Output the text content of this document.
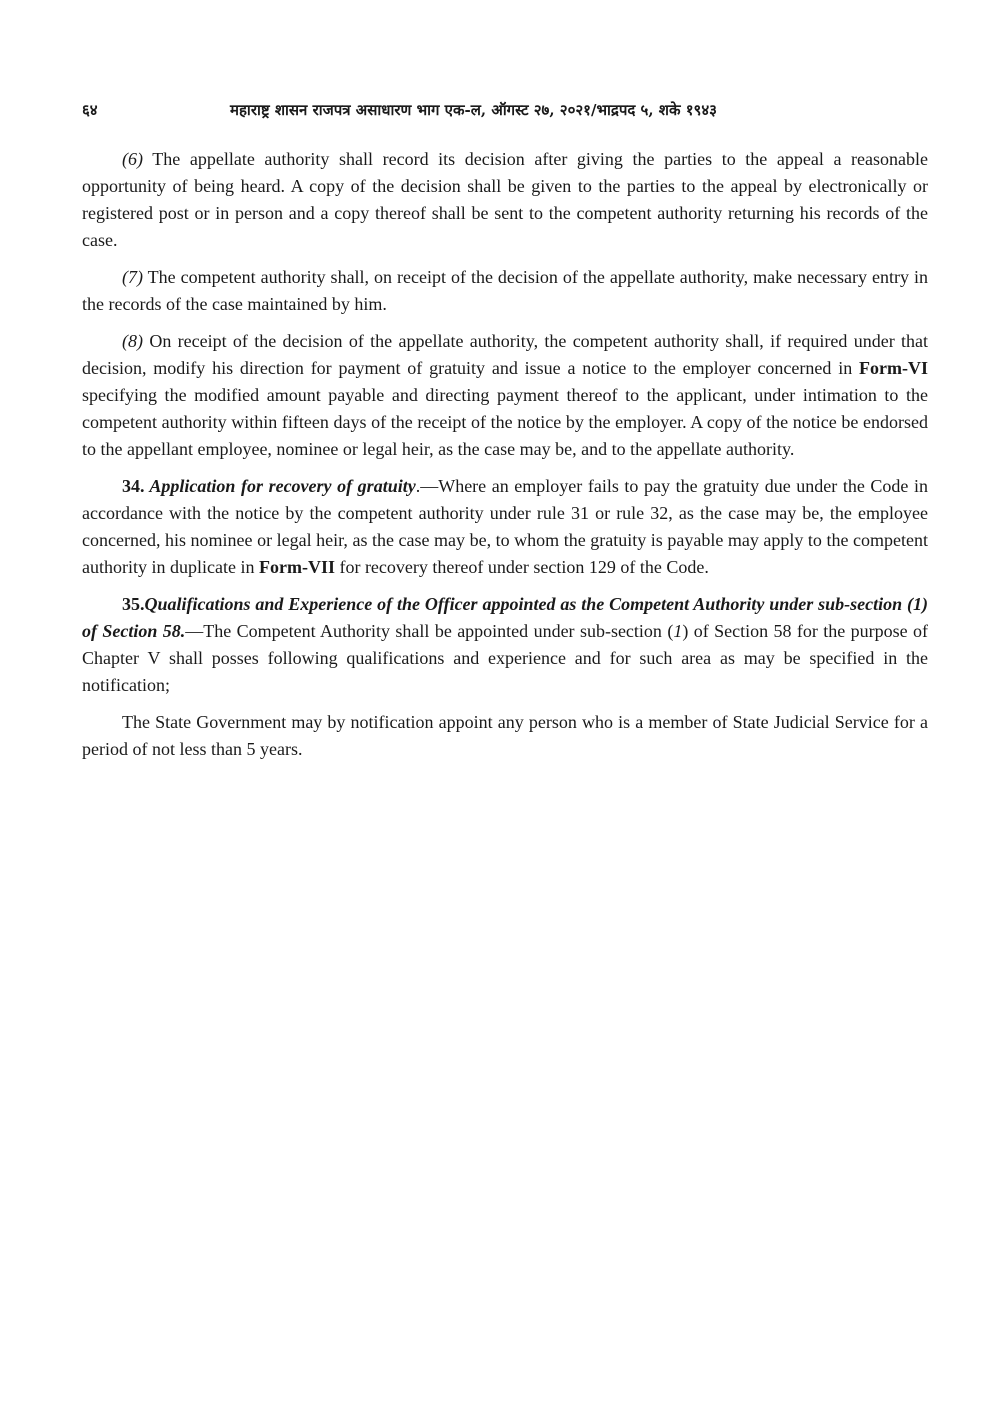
६४	महाराष्ट्र शासन राजपत्र असाधारण भाग एक-ल, ऑगस्ट २७, २०२१/भाद्रपद ५, शके १९४३

(6) The appellate authority shall record its decision after giving the parties to the appeal a reasonable opportunity of being heard. A copy of the decision shall be given to the parties to the appeal by electronically or registered post or in person and a copy thereof shall be sent to the competent authority returning his records of the case.

(7) The competent authority shall, on receipt of the decision of the appellate authority, make necessary entry in the records of the case maintained by him.

(8) On receipt of the decision of the appellate authority, the competent authority shall, if required under that decision, modify his direction for payment of gratuity and issue a notice to the employer concerned in Form-VI specifying the modified amount payable and directing payment thereof to the applicant, under intimation to the competent authority within fifteen days of the receipt of the notice by the employer. A copy of the notice be endorsed to the appellant employee, nominee or legal heir, as the case may be, and to the appellate authority.

34. Application for recovery of gratuity.—Where an employer fails to pay the gratuity due under the Code in accordance with the notice by the competent authority under rule 31 or rule 32, as the case may be, the employee concerned, his nominee or legal heir, as the case may be, to whom the gratuity is payable may apply to the competent authority in duplicate in Form-VII for recovery thereof under section 129 of the Code.

35.Qualifications and Experience of the Officer appointed as the Competent Authority under sub-section (1) of Section 58.—The Competent Authority shall be appointed under sub-section (1) of Section 58 for the purpose of Chapter V shall posses following qualifications and experience and for such area as may be specified in the notification;

The State Government may by notification appoint any person who is a member of State Judicial Service for a period of not less than 5 years.
